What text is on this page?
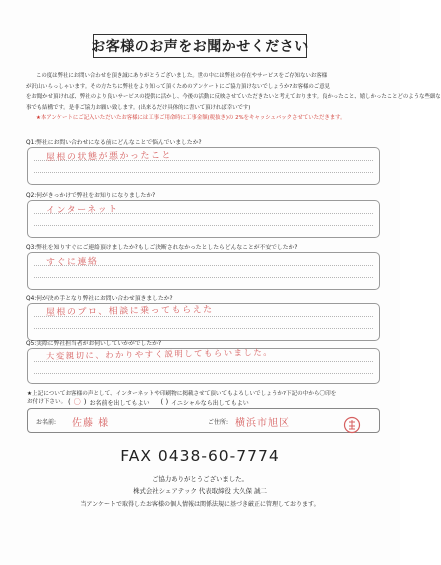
お客様のお声をお聞かせください
この度は弊社にお問い合わせを頂き誠にありがとうございました。世の中には弊社の存在やサービスをご存知ないお客様
が沢山いらっしゃいます。その方たちに弊社をより知って頂くためのアンケートにご協力頂けないでしょうか?お客様のご意見
をお聞かせ頂ければ、弊社のより良いサービスの提供に活かし、今後の活動に反映させていただきたいと考えております。良かったこと、嬉しかったことどのような些細な
事でも結構です。是非ご協力お願い致します。(出来るだけ具体的に書いて頂ければ幸いです)
★本アンケートにご記入いただいたお客様には工事ご用命時に工事金額(税抜き)の 2%をキャッシュバックさせていただきます。
Q1:弊社にお問い合わせになる前にどんなことで悩んでいましたか?
屋根の状態が悪かったこと
Q2:何がきっかけで弊社をお知りになりましたか?
インターネット
Q3:弊社を知りすぐにご連絡頂けましたか?もしご決断されなかったとしたらどんなことが不安でしたか?
すぐに連絡
Q4:何が決め手となり弊社にお問い合わせ頂きましたか?
屋根のプロ、相談に乗ってもらえた
Q5:実際に弊社担当者がお伺いしていかがでしたか?
大変親切に、わかりやすく説明してもらいました。
★上記についてお客様の声として、インターネットや印刷物に掲載させて頂いてもよろしいでしょうか?下記の中から〇印を
お付け下さい。
お名前: 佐藤 様	ご住所: 横浜市旭区
FAX 0438-60-7774
ご協力ありがとうございました。
株式会社シェアテック 代表取締役 大久保 誠二
当アンケートで取得したお客様の個人情報は関係法規に基づき厳正に管理しております。
( 〇 ) お名前を出してもよい ( ) イニシャルなら出してもよい
